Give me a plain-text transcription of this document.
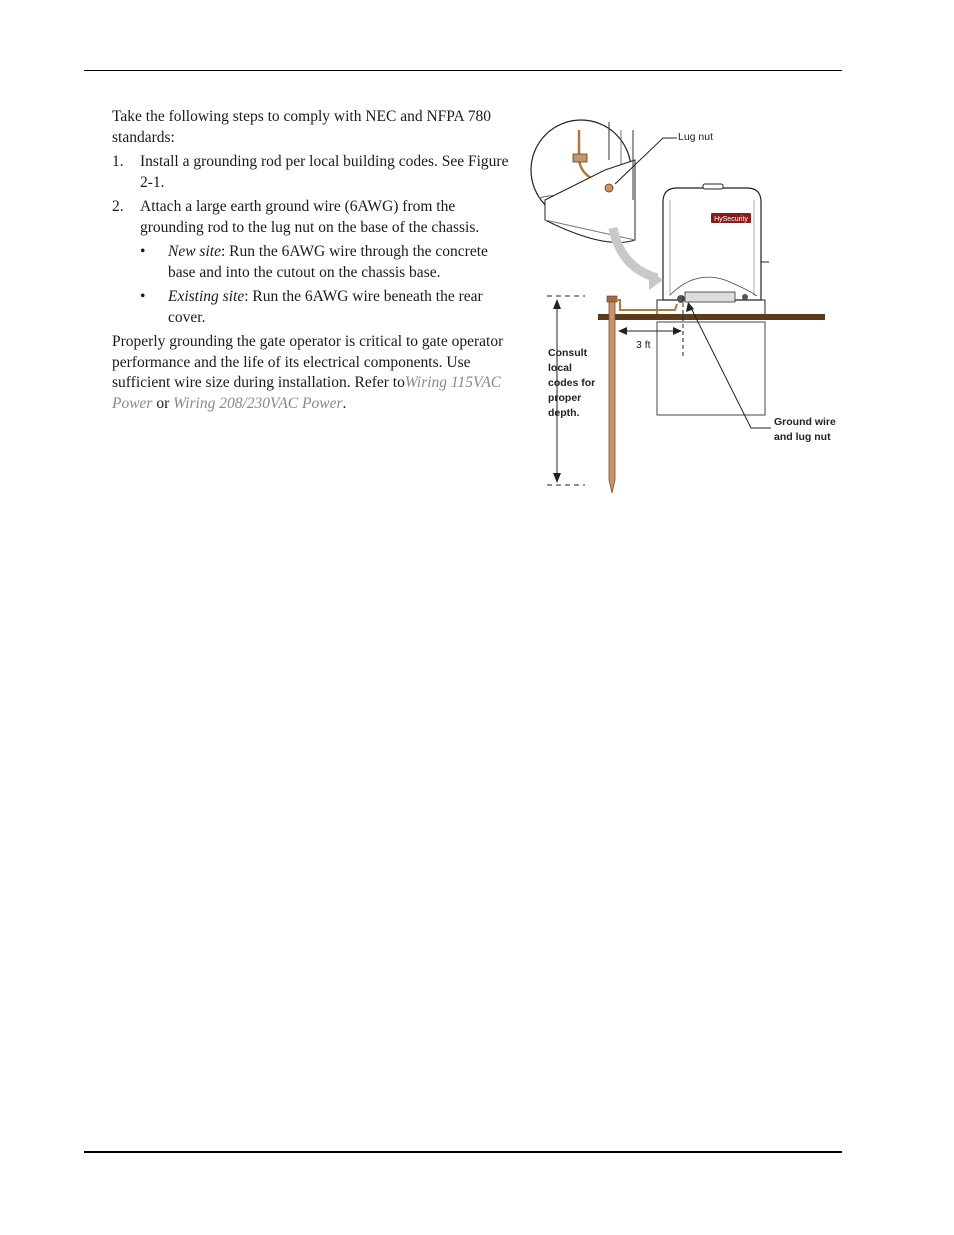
Take the following steps to comply with NEC and NFPA 780 standards:

1. Install a grounding rod per local building codes. See Figure 2-1.
2. Attach a large earth ground wire (6AWG) from the grounding rod to the lug nut on the base of the chassis.
• New site: Run the 6AWG wire through the concrete base and into the cutout on the chassis base.
• Existing site: Run the 6AWG wire beneath the rear cover.

Properly grounding the gate operator is critical to gate operator performance and the life of its electrical components. Use sufficient wire size during installation. Refer toWiring 115VAC Power or Wiring 208/230VAC Power.

HySecurity
Lug nut
3 ft
Consult local codes for proper depth.
Ground wire and lug nut
